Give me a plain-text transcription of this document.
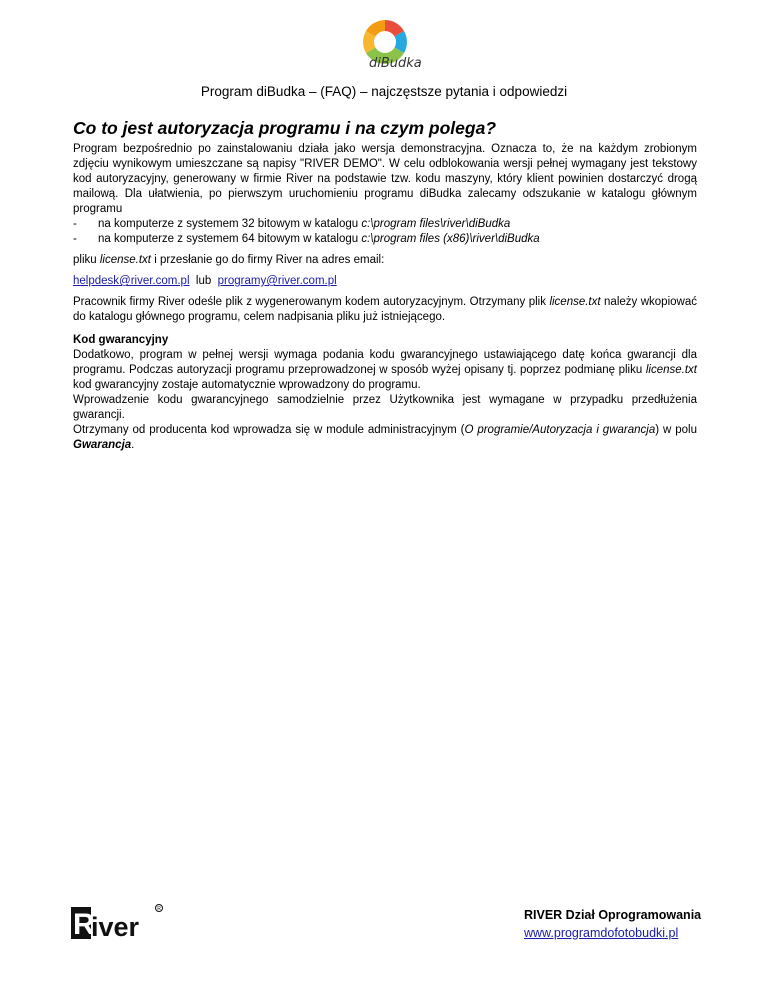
diBudka
Program diBudka – (FAQ) – najczęstsze pytania i odpowiedzi
Co to jest autoryzacja programu i na czym polega?

Program bezpośrednio po zainstalowaniu działa jako wersja demonstracyjna. Oznacza to, że na każdym zrobionym zdjęciu wynikowym umieszczane są napisy "RIVER DEMO". W celu odblokowania wersji pełnej wymagany jest tekstowy kod autoryzacyjny, generowany w firmie River na podstawie tzw. kodu maszyny, który klient powinien dostarczyć drogą mailową. Dla ułatwienia, po pierwszym uruchomieniu programu diBudka zalecamy odszukanie w katalogu głównym programu

- na komputerze z systemem 32 bitowym w katalogu c:\program files\river\diBudka
- na komputerze z systemem 64 bitowym w katalogu c:\program files (x86)\river\diBudka

pliku license.txt i przesłanie go do firmy River na adres email:

helpdesk@river.com.pl lub programy@river.com.pl

Pracownik firmy River odeśle plik z wygenerowanym kodem autoryzacyjnym. Otrzymany plik license.txt należy wkopiować do katalogu głównego programu, celem nadpisania pliku już istniejącego.

Kod gwarancyjny

Dodatkowo, program w pełnej wersji wymaga podania kodu gwarancyjnego ustawiającego datę końca gwarancji dla programu. Podczas autoryzacji programu przeprowadzonej w sposób wyżej opisany tj. poprzez podmianę pliku license.txt kod gwarancyjny zostaje automatycznie wprowadzony do programu.

Wprowadzenie kodu gwarancyjnego samodzielnie przez Użytkownika jest wymagane w przypadku przedłużenia gwarancji.

Otrzymany od producenta kod wprowadza się w module administracyjnym (O programie/Autoryzacja i gwarancja) w polu Gwarancja.

R
iver
R	RIVER Dział Oprogramowania
www.programdofotobudki.pl
